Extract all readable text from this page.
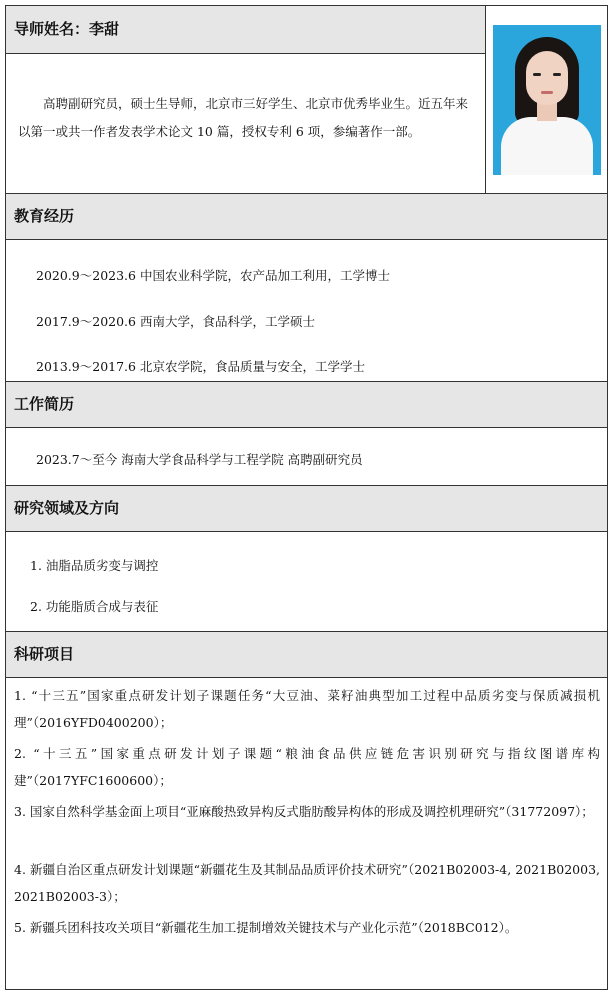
导师姓名：李甜

高聘副研究员，硕士生导师，北京市三好学生、北京市优秀毕业生。近五年来以第一或共一作者发表学术论文 10 篇，授权专利 6 项，参编著作一部。

教育经历
2020.9～2023.6 中国农业科学院，农产品加工利用，工学博士
2017.9～2020.6 西南大学，食品科学，工学硕士
2013.9～2017.6 北京农学院，食品质量与安全，工学学士
工作简历
2023.7～至今 海南大学食品科学与工程学院 高聘副研究员
研究领域及方向
1. 油脂品质劣变与调控
2. 功能脂质合成与表征
科研项目
1. “十三五”国家重点研发计划子课题任务“大豆油、菜籽油典型加工过程中品质劣变与保质减损机理”（2016YFD0400200）；
2. “十三五”国家重点研发计划子课题“粮油食品供应链危害识别研究与指纹图谱库构建”（2017YFC1600600）；
3. 国家自然科学基金面上项目“亚麻酸热致异构反式脂肪酸异构体的形成及调控机理研究”（31772097）；
4. 新疆自治区重点研发计划课题“新疆花生及其制品品质评价技术研究”（2021B02003-4, 2021B02003, 2021B02003-3）；
5. 新疆兵团科技攻关项目“新疆花生加工提制增效关键技术与产业化示范”（2018BC012）。
